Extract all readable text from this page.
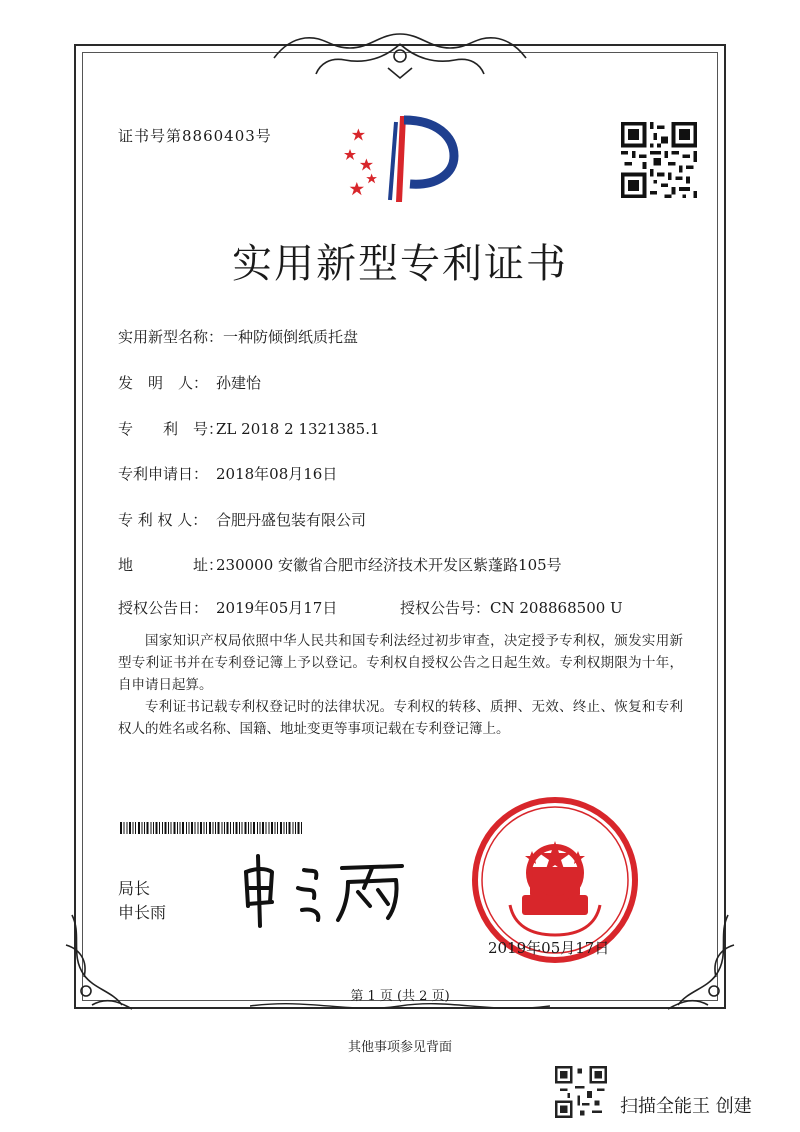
证书号第8860403号
实用新型专利证书
实用新型名称：一种防倾倒纸质托盘
发　明　人： 孙建怡
专　　利　号：ZL 2018 2 1321385.1
专利申请日： 2018年08月16日
专 利 权 人： 合肥丹盛包装有限公司
地　　　　址：230000 安徽省合肥市经济技术开发区紫蓬路105号
授权公告日： 2019年05月17日	授权公告号：CN 208868500 U
国家知识产权局依照中华人民共和国专利法经过初步审查，决定授予专利权，颁发实用新型专利证书并在专利登记簿上予以登记。专利权自授权公告之日起生效。专利权期限为十年，自申请日起算。
专利证书记载专利权登记时的法律状况。专利权的转移、质押、无效、终止、恢复和专利权人的姓名或名称、国籍、地址变更等事项记载在专利登记簿上。
局长
申长雨
2019年05月17日
第 1 页 (共 2 页)
其他事项参见背面
扫描全能王 创建
